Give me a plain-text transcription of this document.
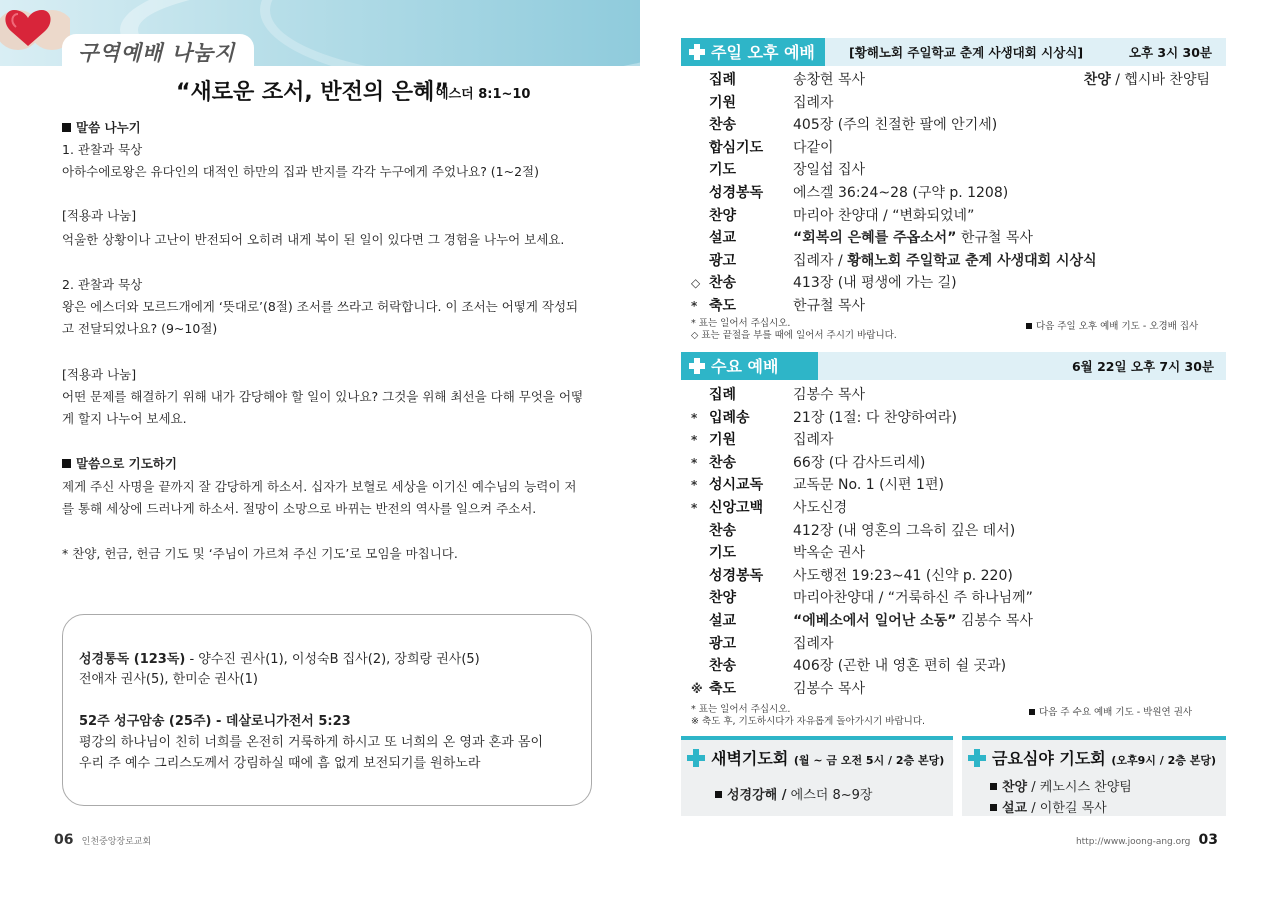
구역예배 나눔지
“새로운 조서, 반전의 은혜”
에스더 8:1~10
말씀 나누기
1. 관찰과 묵상
아하수에로왕은 유다인의 대적인 하만의 집과 반지를 각각 누구에게 주었나요? (1~2절)
[적용과 나눔]
억울한 상황이나 고난이 반전되어 오히려 내게 복이 된 일이 있다면 그 경험을 나누어 보세요.
2. 관찰과 묵상
왕은 에스더와 모르드개에게 ‘뜻대로’(8절) 조서를 쓰라고 허락합니다. 이 조서는 어떻게 작성되
고 전달되었나요? (9~10절)
[적용과 나눔]
어떤 문제를 해결하기 위해 내가 감당해야 할 일이 있나요? 그것을 위해 최선을 다해 무엇을 어떻
게 할지 나누어 보세요.
말씀으로 기도하기
제게 주신 사명을 끝까지 잘 감당하게 하소서. 십자가 보혈로 세상을 이기신 예수님의 능력이 저
를 통해 세상에 드러나게 하소서. 절망이 소망으로 바뀌는 반전의 역사를 일으켜 주소서.
* 찬양, 헌금, 헌금 기도 및 ‘주님이 가르쳐 주신 기도’로 모임을 마칩니다.
성경통독 (123독) - 양수진 권사(1), 이성숙B 집사(2), 장희랑 권사(5)
전애자 권사(5), 한미순 권사(1)
52주 성구암송 (25주) - 데살로니가전서 5:23
평강의 하나님이 친히 너희를 온전히 거룩하게 하시고 또 너희의 온 영과 혼과 몸이
우리 주 예수 그리스도께서 강림하실 때에 흠 없게 보전되기를 원하노라
06 인천중앙장로교회
주일 오후 예배	[황해노회 주일학교 춘계 사생대회 시상식]	오후 3시 30분
집례	송창현 목사	찬양 / 헵시바 찬양팀
기원	집례자
찬송	405장 (주의 친절한 팔에 안기세)
합심기도	다같이
기도	장일섭 집사
성경봉독	에스겔 36:24~28 (구약 p. 1208)
찬양	마리아 찬양대 / “변화되었네”
설교	“회복의 은혜를 주옵소서” 한규철 목사
광고	집례자 / 황해노회 주일학교 춘계 사생대회 시상식
◇ 찬송	413장 (내 평생에 가는 길)
* 축도	한규철 목사
* 표는 일어서 주십시오.
◇ 표는 끝절을 부를 때에 일어서 주시기 바랍니다.
다음 주일 오후 예배 기도 - 오경배 집사
수요 예배	6월 22일 오후 7시 30분
집례	김봉수 목사
* 입례송	21장 (1절: 다 찬양하여라)
* 기원	집례자
* 찬송	66장 (다 감사드리세)
* 성시교독	교독문 No. 1 (시편 1편)
* 신앙고백	사도신경
찬송	412장 (내 영혼의 그윽히 깊은 데서)
기도	박옥순 권사
성경봉독	사도행전 19:23~41 (신약 p. 220)
찬양	마리아찬양대 / “거룩하신 주 하나님께”
설교	“에베소에서 일어난 소동” 김봉수 목사
광고	집례자
찬송	406장 (곤한 내 영혼 편히 쉴 곳과)
※ 축도	김봉수 목사
* 표는 일어서 주십시오.
※ 축도 후, 기도하시다가 자유롭게 돌아가시기 바랍니다.
다음 주 수요 예배 기도 - 박원연 권사
새벽기도회 (월 ~ 금 오전 5시 / 2층 본당)
성경강해 / 에스더 8~9장
금요심야 기도회 (오후9시 / 2층 본당)
찬양 / 케노시스 찬양팀
설교 / 이한길 목사
http://www.joong-ang.org 03
